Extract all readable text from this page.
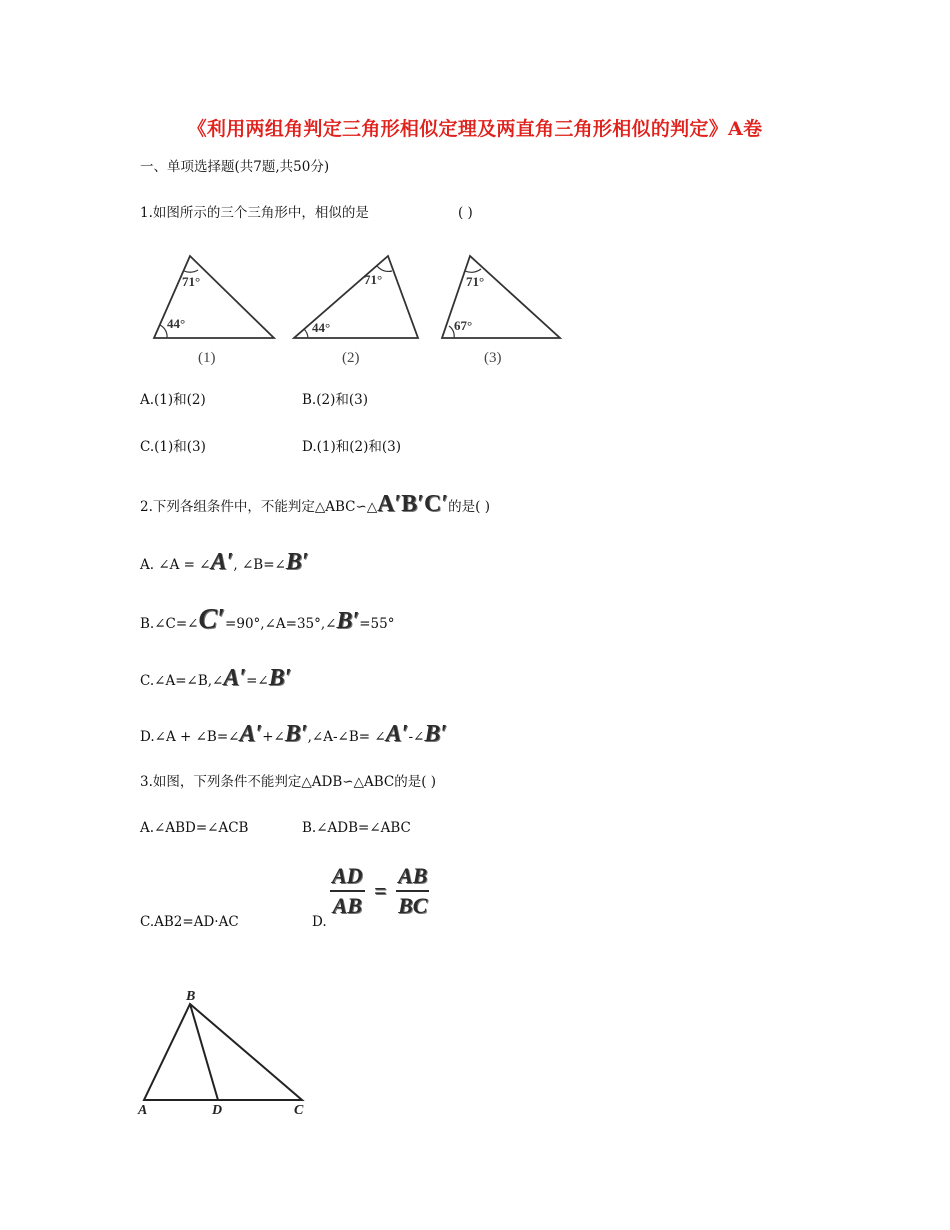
《利用两组角判定三角形相似定理及两直角三角形相似的判定》A卷
一、单项选择题(共7题,共50分)
1.如图所示的三个三角形中，相似的是	( )
71°
44°
(1)
71°
44°
(2)
71°
67°
(3)
A.(1)和(2)	B.(2)和(3)
C.(1)和(3)	D.(1)和(2)和(3)
2.下列各组条件中，不能判定△ABC∽△A′B′C′的是( )
A. ∠A = ∠A′, ∠B=∠B′
B.∠C=∠C′=90°,∠A=35°,∠B′=55°
C.∠A=∠B,∠A′=∠B′
D.∠A + ∠B=∠A′+∠B′,∠A-∠B= ∠A′-∠B′
3.如图，下列条件不能判定△ADB∽△ABC的是( )
A.∠ABD=∠ACB	B.∠ADB=∠ABC
C.AB2=AD·AC	D.
$\frac{AD}{AB} = \frac{AB}{BC}$
B
A	D	C
